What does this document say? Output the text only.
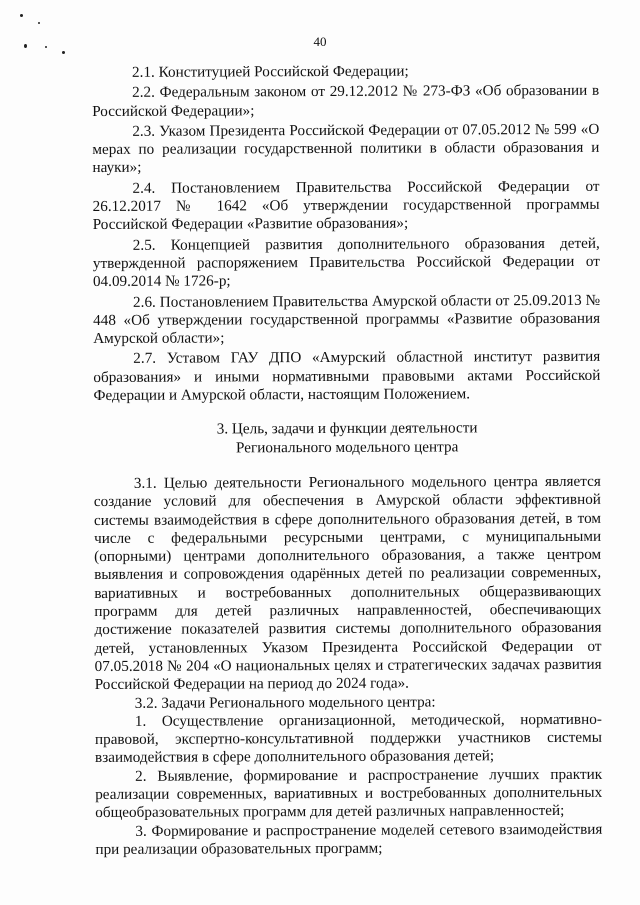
40

2.1. Конституцией Российской Федерации;

2.2. Федеральным законом от 29.12.2012 № 273-ФЗ «Об образовании в Российской Федерации»;

2.3. Указом Президента Российской Федерации от 07.05.2012 № 599 «О мерах по реализации государственной политики в области образования и науки»;

2.4. Постановлением Правительства Российской Федерации от 26.12.2017 № 1642 «Об утверждении государственной программы Российской Федерации «Развитие образования»;

2.5. Концепцией развития дополнительного образования детей, утвержденной распоряжением Правительства Российской Федерации от 04.09.2014 № 1726-р;

2.6. Постановлением Правительства Амурской области от 25.09.2013 № 448 «Об утверждении государственной программы «Развитие образования Амурской области»;

2.7. Уставом ГАУ ДПО «Амурский областной институт развития образования» и иными нормативными правовыми актами Российской Федерации и Амурской области, настоящим Положением.

3. Цель, задачи и функции деятельности
Регионального модельного центра

3.1. Целью деятельности Регионального модельного центра является создание условий для обеспечения в Амурской области эффективной системы взаимодействия в сфере дополнительного образования детей, в том числе с федеральными ресурсными центрами, с муниципальными (опорными) центрами дополнительного образования, а также центром выявления и сопровождения одарённых детей по реализации современных, вариативных и востребованных дополнительных общеразвивающих программ для детей различных направленностей, обеспечивающих достижение показателей развития системы дополнительного образования детей, установленных Указом Президента Российской Федерации от 07.05.2018 № 204 «О национальных целях и стратегических задачах развития Российской Федерации на период до 2024 года».

3.2. Задачи Регионального модельного центра:

1. Осуществление организационной, методической, нормативно-правовой, экспертно-консультативной поддержки участников системы взаимодействия в сфере дополнительного образования детей;

2. Выявление, формирование и распространение лучших практик реализации современных, вариативных и востребованных дополнительных общеобразовательных программ для детей различных направленностей;

3. Формирование и распространение моделей сетевого взаимодействия при реализации образовательных программ;
